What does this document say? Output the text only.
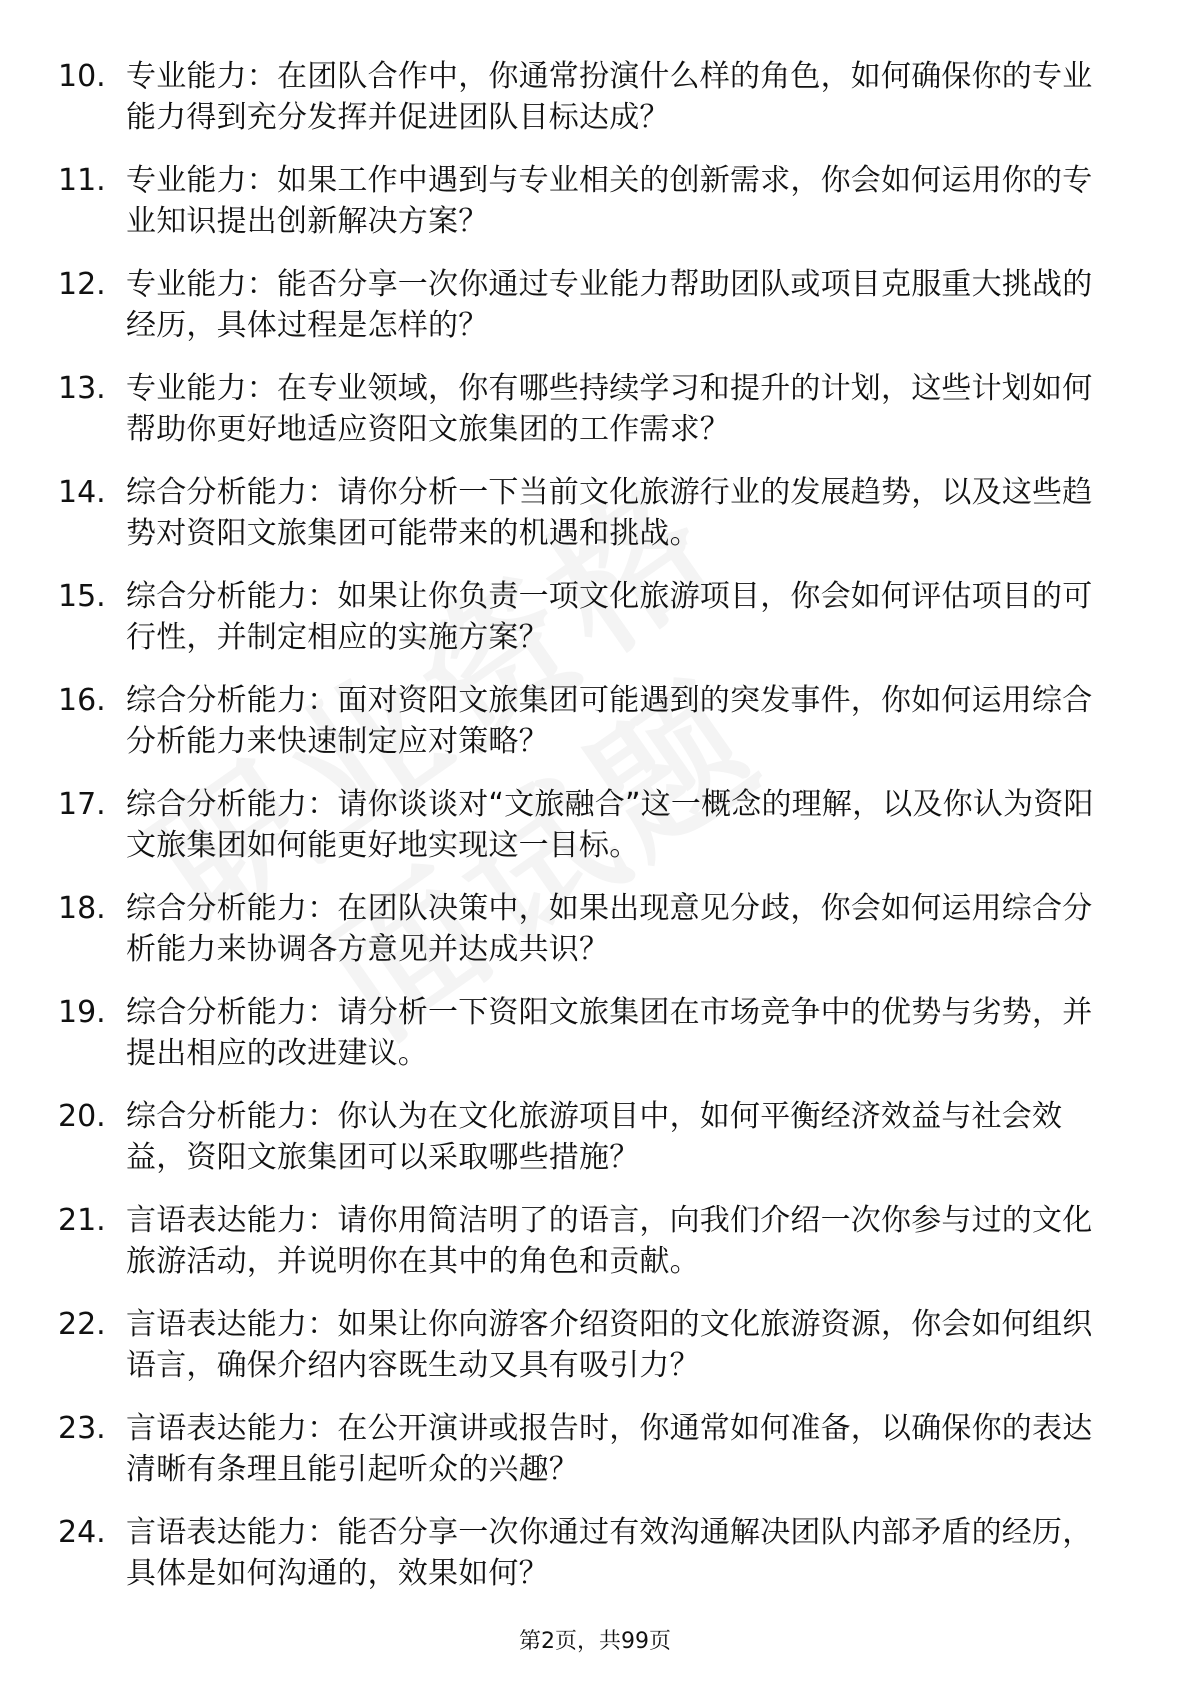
10. 专业能力：在团队合作中，你通常扮演什么样的角色，如何确保你的专业能力得到充分发挥并促进团队目标达成？
11. 专业能力：如果工作中遇到与专业相关的创新需求，你会如何运用你的专业知识提出创新解决方案？
12. 专业能力：能否分享一次你通过专业能力帮助团队或项目克服重大挑战的经历，具体过程是怎样的？
13. 专业能力：在专业领域，你有哪些持续学习和提升的计划，这些计划如何帮助你更好地适应资阳文旅集团的工作需求？
14. 综合分析能力：请你分析一下当前文化旅游行业的发展趋势，以及这些趋势对资阳文旅集团可能带来的机遇和挑战。
15. 综合分析能力：如果让你负责一项文化旅游项目，你会如何评估项目的可行性，并制定相应的实施方案？
16. 综合分析能力：面对资阳文旅集团可能遇到的突发事件，你如何运用综合分析能力来快速制定应对策略？
17. 综合分析能力：请你谈谈对“文旅融合”这一概念的理解，以及你认为资阳文旅集团如何能更好地实现这一目标。
18. 综合分析能力：在团队决策中，如果出现意见分歧，你会如何运用综合分析能力来协调各方意见并达成共识？
19. 综合分析能力：请分析一下资阳文旅集团在市场竞争中的优势与劣势，并提出相应的改进建议。
20. 综合分析能力：你认为在文化旅游项目中，如何平衡经济效益与社会效益，资阳文旅集团可以采取哪些措施？
21. 言语表达能力：请你用简洁明了的语言，向我们介绍一次你参与过的文化旅游活动，并说明你在其中的角色和贡献。
22. 言语表达能力：如果让你向游客介绍资阳的文化旅游资源，你会如何组织语言，确保介绍内容既生动又具有吸引力？
23. 言语表达能力：在公开演讲或报告时，你通常如何准备，以确保你的表达清晰有条理且能引起听众的兴趣？
24. 言语表达能力：能否分享一次你通过有效沟通解决团队内部矛盾的经历，具体是如何沟通的，效果如何？
第2页，共99页
